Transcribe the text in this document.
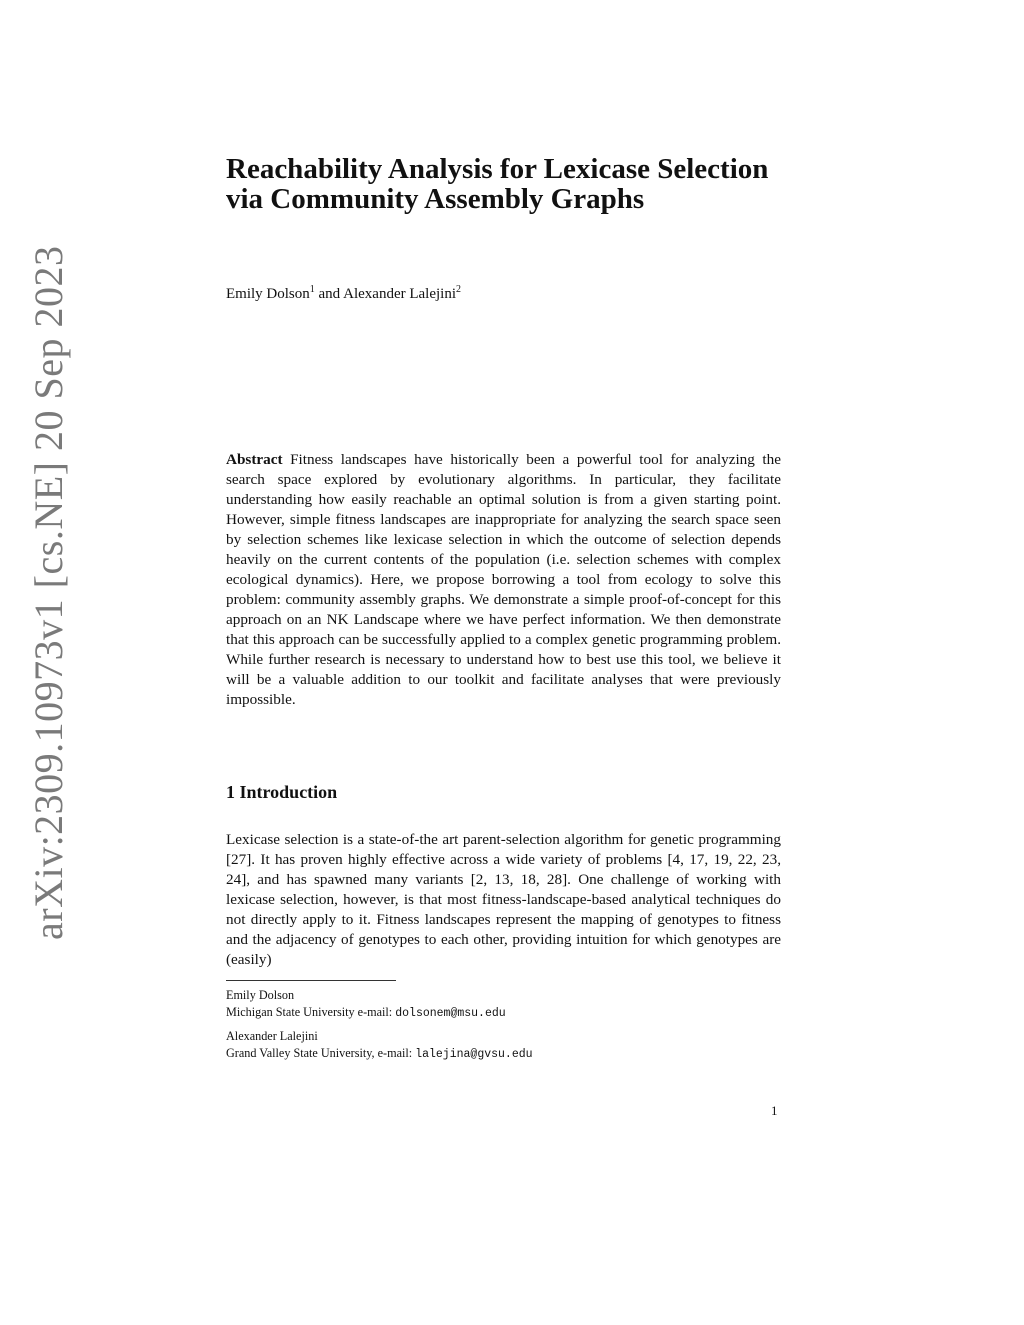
arXiv:2309.10973v1 [cs.NE] 20 Sep 2023
Reachability Analysis for Lexicase Selection via Community Assembly Graphs
Emily Dolson$^1$ and Alexander Lalejini$^2$

Abstract Fitness landscapes have historically been a powerful tool for analyzing the search space explored by evolutionary algorithms. In particular, they facilitate understanding how easily reachable an optimal solution is from a given starting point. However, simple fitness landscapes are inappropriate for analyzing the search space seen by selection schemes like lexicase selection in which the outcome of selection depends heavily on the current contents of the population (i.e. selection schemes with complex ecological dynamics). Here, we propose borrowing a tool from ecology to solve this problem: community assembly graphs. We demonstrate a simple proof-of-concept for this approach on an NK Landscape where we have perfect information. We then demonstrate that this approach can be successfully applied to a complex genetic programming problem. While further research is necessary to understand how to best use this tool, we believe it will be a valuable addition to our toolkit and facilitate analyses that were previously impossible.

1 Introduction

Lexicase selection is a state-of-the art parent-selection algorithm for genetic programming [27]. It has proven highly effective across a wide variety of problems [4, 17, 19, 22, 23, 24], and has spawned many variants [2, 13, 18, 28]. One challenge of working with lexicase selection, however, is that most fitness-landscape-based analytical techniques do not directly apply to it. Fitness landscapes represent the mapping of genotypes to fitness and the adjacency of genotypes to each other, providing intuition for which genotypes are (easily)

Emily Dolson
Michigan State University e-mail: dolsonem@msu.edu
Alexander Lalejini
Grand Valley State University, e-mail: lalejina@gvsu.edu
1
